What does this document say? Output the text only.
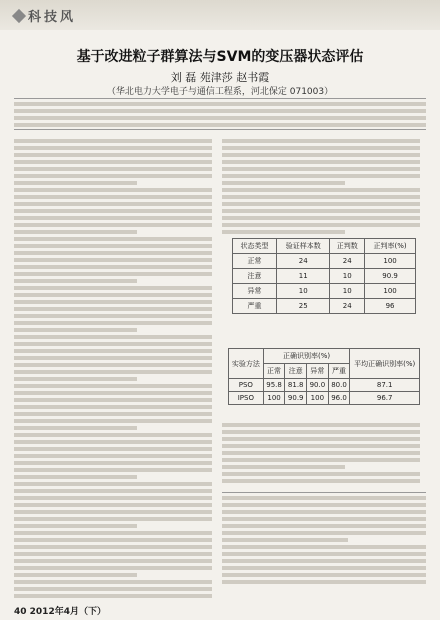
科技风
基于改进粒子群算法与SVM的变压器状态评估
刘 磊 苑津莎 赵书霞
（华北电力大学电子与通信工程系，河北保定 071003）
状态类型	验证样本数	正判数	正判率(%)
正常	24	24	100
注意	11	10	90.9
异常	10	10	100
严重	25	24	96
实验方法	正确识别率(%)				平均正确识别率(%)
	正常	注意	异常	严重	
PSO	95.8	81.8	90.0	80.0	87.1
IPSO	100	90.9	100	96.0	96.7
40 2012年4月（下）
